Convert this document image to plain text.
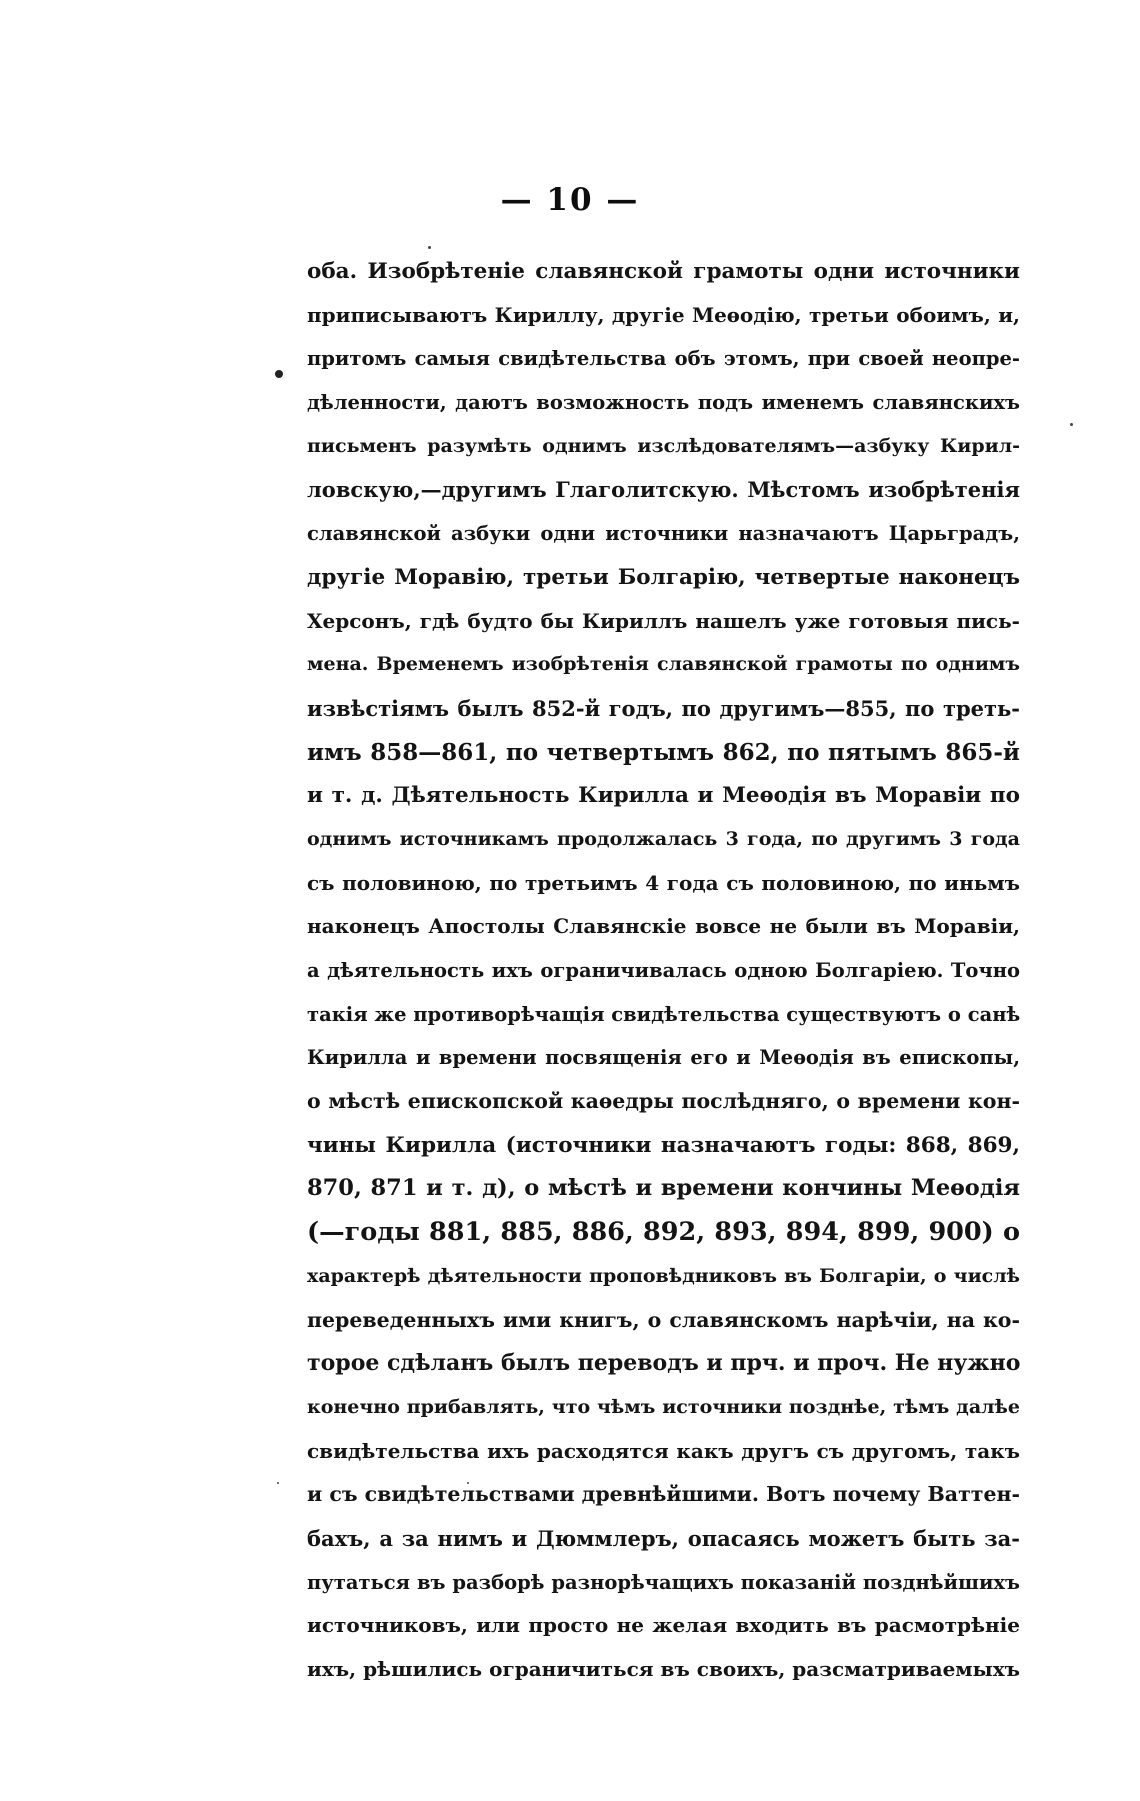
— 10 —
оба. Изобрѣтеніе славянской грамоты одни источники
приписываютъ Кириллу, другіе Меѳодію, третьи обоимъ, и,
притомъ самыя свидѣтельства объ этомъ, при своей неопре-
дѣленности, даютъ возможность подъ именемъ славянскихъ
письменъ разумѣть однимъ изслѣдователямъ—азбуку Кирил-
ловскую,—другимъ Глаголитскую. Мѣстомъ изобрѣтенія
славянской азбуки одни источники назначаютъ Царьградъ,
другіе Моравію, третьи Болгарію, четвертые наконецъ
Херсонъ, гдѣ будто бы Кириллъ нашелъ уже готовыя пись-
мена. Временемъ изобрѣтенія славянской грамоты по однимъ
извѣстіямъ былъ 852-й годъ, по другимъ—855, по треть-
имъ 858—861, по четвертымъ 862, по пятымъ 865-й
и т. д. Дѣятельность Кирилла и Меѳодія въ Моравіи по
однимъ источникамъ продолжалась 3 года, по другимъ 3 года
съ половиною, по третьимъ 4 года съ половиною, по иньмъ
наконецъ Апостолы Славянскіе вовсе не были въ Моравіи,
а дѣятельность ихъ ограничивалась одною Болгаріею. Точно
такія же противорѣчащія свидѣтельства существуютъ о санѣ
Кирилла и времени посвященія его и Меѳодія въ епископы,
о мѣстѣ епископской каѳедры послѣдняго, о времени кон-
чины Кирилла (источники назначаютъ годы: 868, 869,
870, 871 и т. д), о мѣстѣ и времени кончины Меѳодія
(—годы 881, 885, 886, 892, 893, 894, 899, 900) о
характерѣ дѣятельности проповѣдниковъ въ Болгаріи, о числѣ
переведенныхъ ими книгъ, о славянскомъ нарѣчіи, на ко-
торое сдѣланъ былъ переводъ и прч. и проч. Не нужно
конечно прибавлять, что чѣмъ источники позднѣе, тѣмъ далѣе
свидѣтельства ихъ расходятся какъ другъ съ другомъ, такъ
и съ свидѣтельствами древнѣйшими. Вотъ почему Ваттен-
бахъ, а за нимъ и Дюммлеръ, опасаясь можетъ быть за-
путаться въ разборѣ разнорѣчащихъ показаній позднѣйшихъ
источниковъ, или просто не желая входить въ расмотрѣніе
ихъ, рѣшились ограничиться въ своихъ, разсматриваемыхъ
